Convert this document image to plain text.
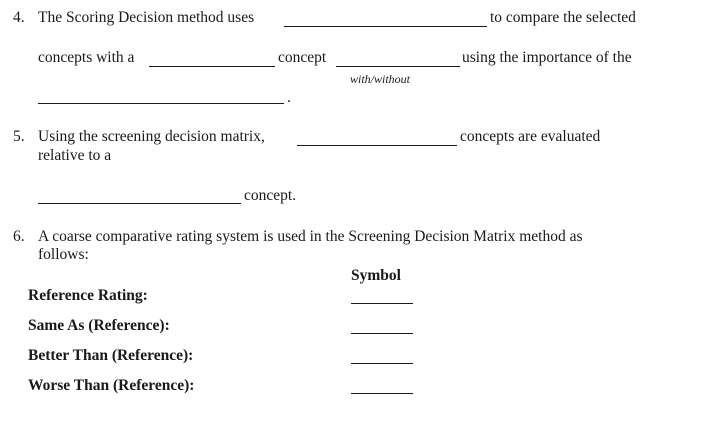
4. The Scoring Decision method uses	to compare the selected
concepts with a	concept	using the importance of the
with/without
.
5. Using the screening decision matrix,	concepts are evaluated
relative to a
concept.
6. A coarse comparative rating system is used in the Screening Decision Matrix method as
follows:
Symbol
Reference Rating:
Same As (Reference):
Better Than (Reference):
Worse Than (Reference):
